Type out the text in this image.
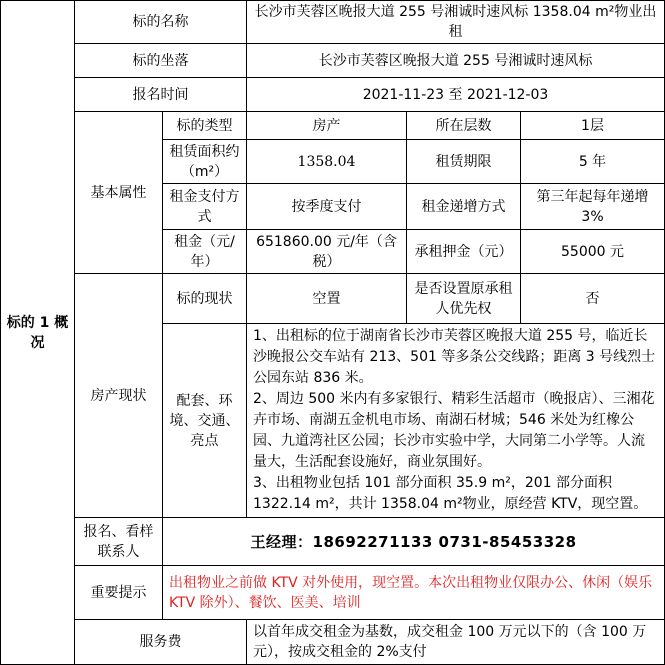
标的 1 概况	标的名称		长沙市芙蓉区晚报大道 255 号湘诚时速风标 1358.04 m²物业出租		
	标的坐落		长沙市芙蓉区晚报大道 255 号湘诚时速风标		
	报名时间		2021-11-23 至 2021-12-03		
	基本属性	标的类型	房产	所在层数	1层
		租赁面积约（m²）	1358.04	租赁期限	5 年
		租金支付方式	按季度支付	租金递增方式	第三年起每年递增 3%
		租金（元/年）	651860.00 元/年（含税）	承租押金（元）	55000 元
	房产现状	标的现状	空置	是否设置原承租人优先权	否
		配套、环境、交通、亮点	1、出租标的位于湖南省长沙市芙蓉区晚报大道 255 号，临近长沙晚报公交车站有 213、501 等多条公交线路；距离 3 号线烈士公园东站 836 米。
2、周边 500 米内有多家银行、精彩生活超市（晚报店）、三湘花卉市场、南湖五金机电市场、南湖石材城；546 米处为红橡公园、九道湾社区公园；长沙市实验中学，大同第二小学等。人流量大，生活配套设施好，商业氛围好。
3、出租物业包括 101 部分面积 35.9 m²，201 部分面积 1322.14 m²，共计 1358.04 m²物业，原经营 KTV，现空置。		

	报名、看样联系人	王经理：18692271133 0731-85453328			
	重要提示	出租物业之前做 KTV 对外使用，现空置。本次出租物业仅限办公、休闲（娱乐 KTV 除外）、餐饮、医美、培训			
	服务费		以首年成交租金为基数，成交租金 100 万元以下的（含 100 万元），按成交租金的 2%支付		
